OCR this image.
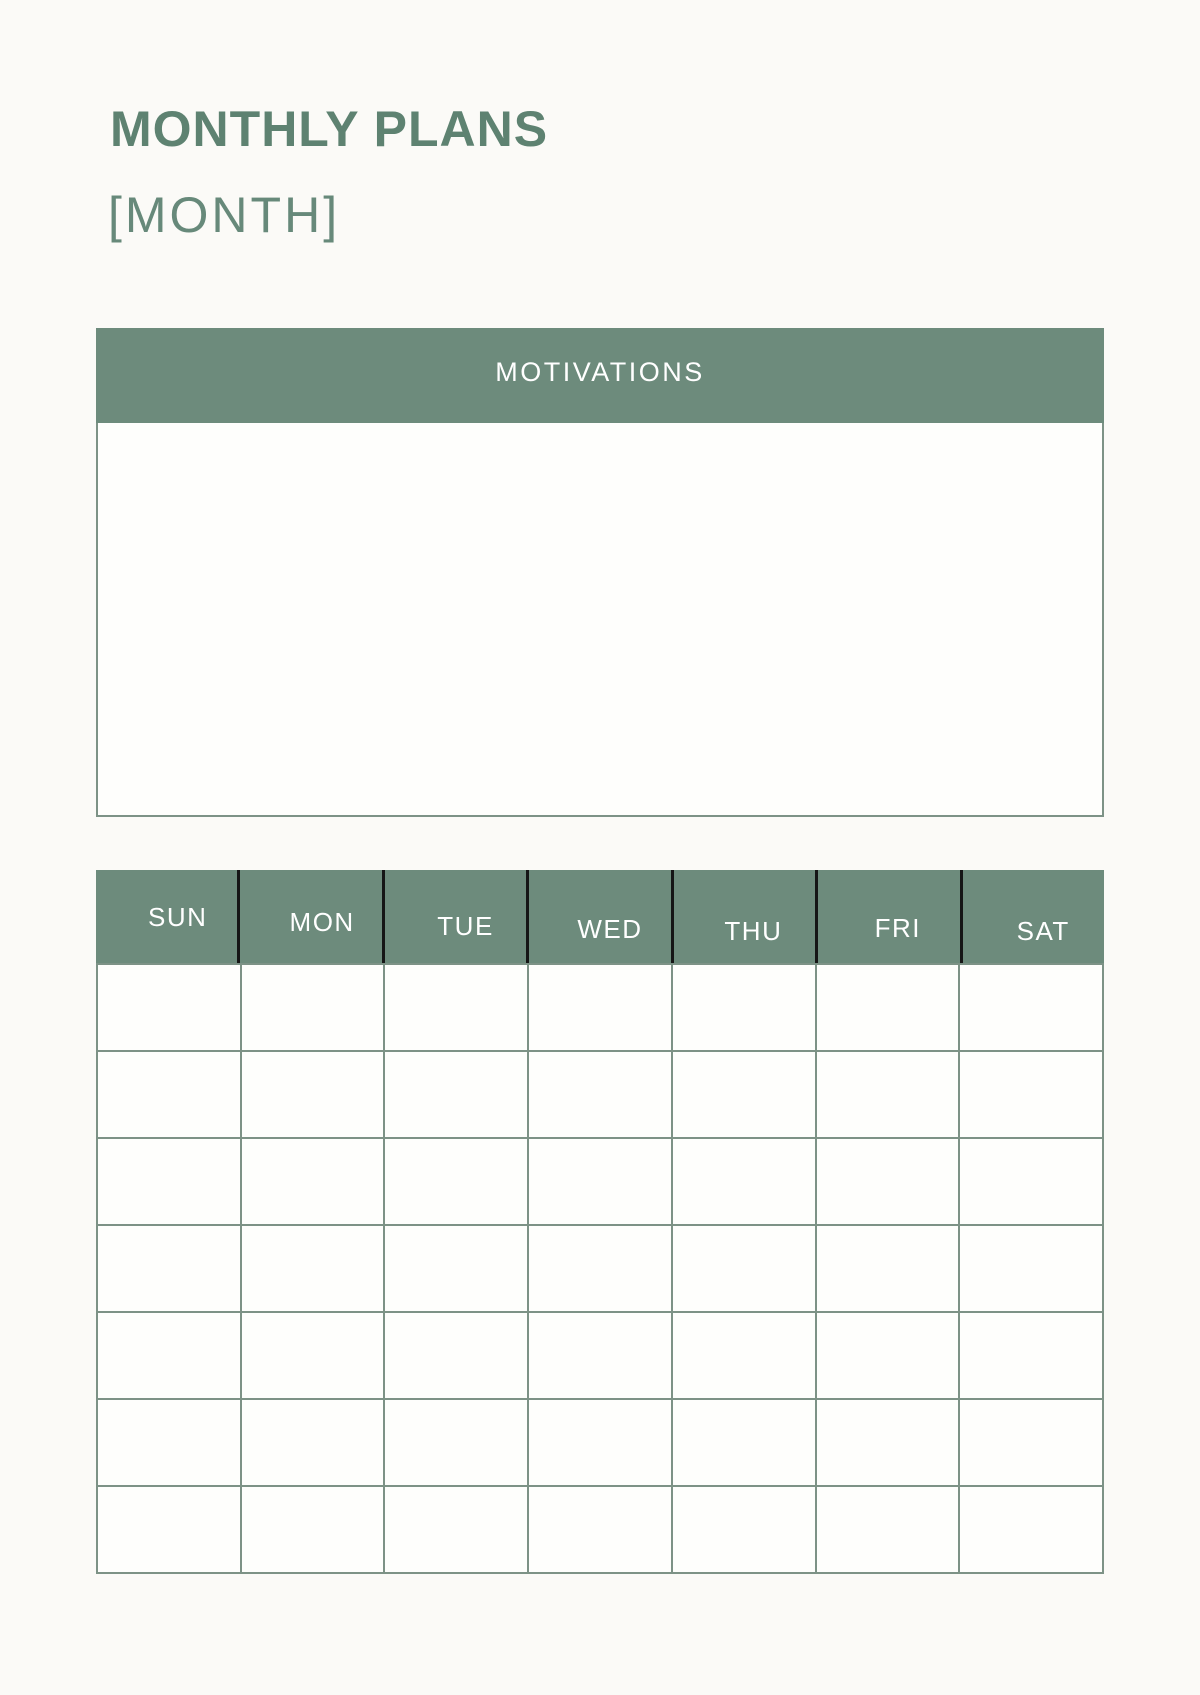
MONTHLY PLANS
[MONTH]
MOTIVATIONS
SUN	MON	TUE	WED	THU	FRI	SAT
